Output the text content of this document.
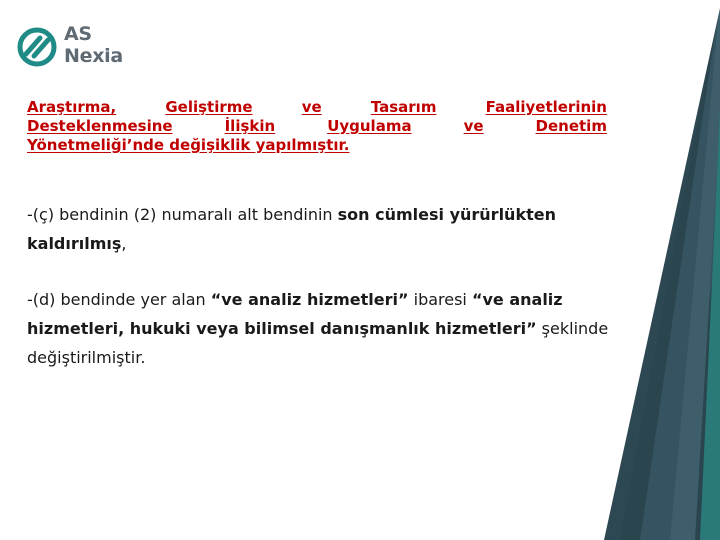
AS
Nexia
Araştırma,	Geliştirme	ve	Tasarım	Faaliyetlerinin
Desteklenmesine	İlişkin	Uygulama	ve	Denetim
Yönetmeliği’nde değişiklik yapılmıştır.
-(ç) bendinin (2) numaralı alt bendinin son cümlesi yürürlükten kaldırılmış,
-(d) bendinde yer alan “ve analiz hizmetleri” ibaresi “ve analiz hizmetleri, hukuki veya bilimsel danışmanlık hizmetleri” şeklinde değiştirilmiştir.
